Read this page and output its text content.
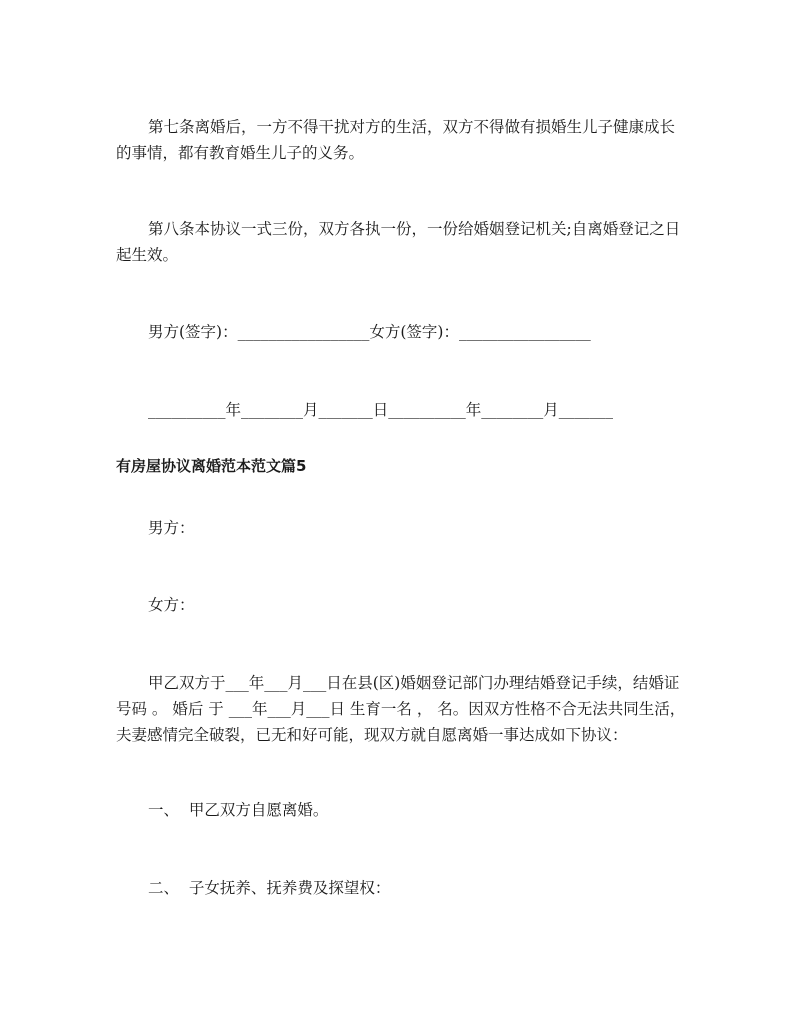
第七条离婚后，一方不得干扰对方的生活，双方不得做有损婚生儿子健康成长的事情，都有教育婚生儿子的义务。

第八条本协议一式三份，双方各执一份，一份给婚姻登记机关;自离婚登记之日起生效。

男方(签字)：_________________女方(签字)：_________________

__________年________月_______日__________年________月_______

有房屋协议离婚范本范文篇5

男方：

女方：

甲乙双方于___年___月___日在县(区)婚姻登记部门办理结婚登记手续，结婚证号码 。 婚后 于 ___年___月___日 生育一名 ， 名。因双方性格不合无法共同生活，夫妻感情完全破裂，已无和好可能，现双方就自愿离婚一事达成如下协议：

一、  甲乙双方自愿离婚。

二、  子女抚养、抚养费及探望权：
